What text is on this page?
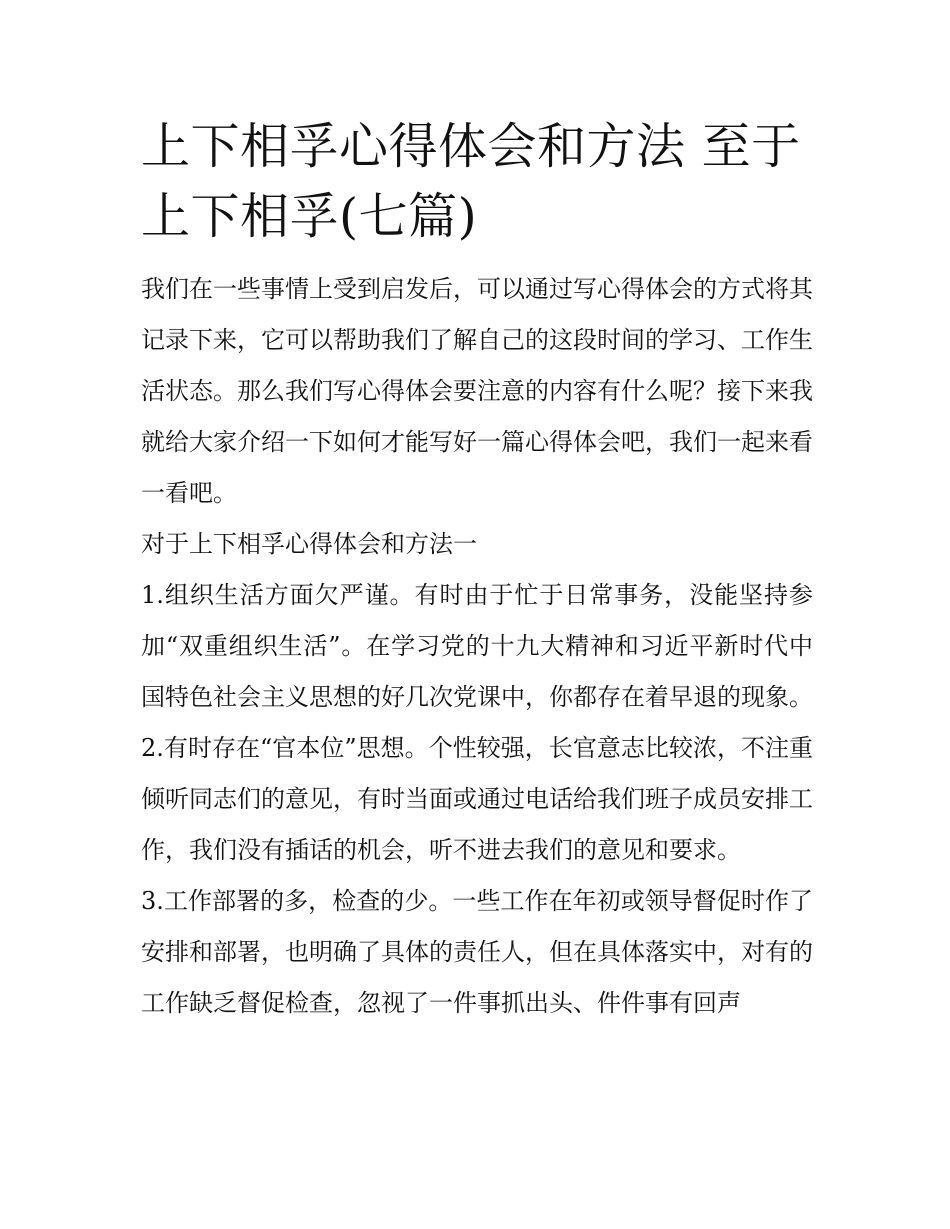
上下相孚心得体会和方法 至于上下相孚(七篇)

我们在一些事情上受到启发后，可以通过写心得体会的方式将其记录下来，它可以帮助我们了解自己的这段时间的学习、工作生活状态。那么我们写心得体会要注意的内容有什么呢？接下来我就给大家介绍一下如何才能写好一篇心得体会吧，我们一起来看一看吧。

对于上下相孚心得体会和方法一

1.组织生活方面欠严谨。有时由于忙于日常事务，没能坚持参加“双重组织生活”。在学习党的十九大精神和习近平新时代中国特色社会主义思想的好几次党课中，你都存在着早退的现象。

2.有时存在“官本位”思想。个性较强，长官意志比较浓，不注重倾听同志们的意见，有时当面或通过电话给我们班子成员安排工作，我们没有插话的机会，听不进去我们的意见和要求。

3.工作部署的多，检查的少。一些工作在年初或领导督促时作了安排和部署，也明确了具体的责任人，但在具体落实中，对有的工作缺乏督促检查，忽视了一件事抓出头、件件事有回声
